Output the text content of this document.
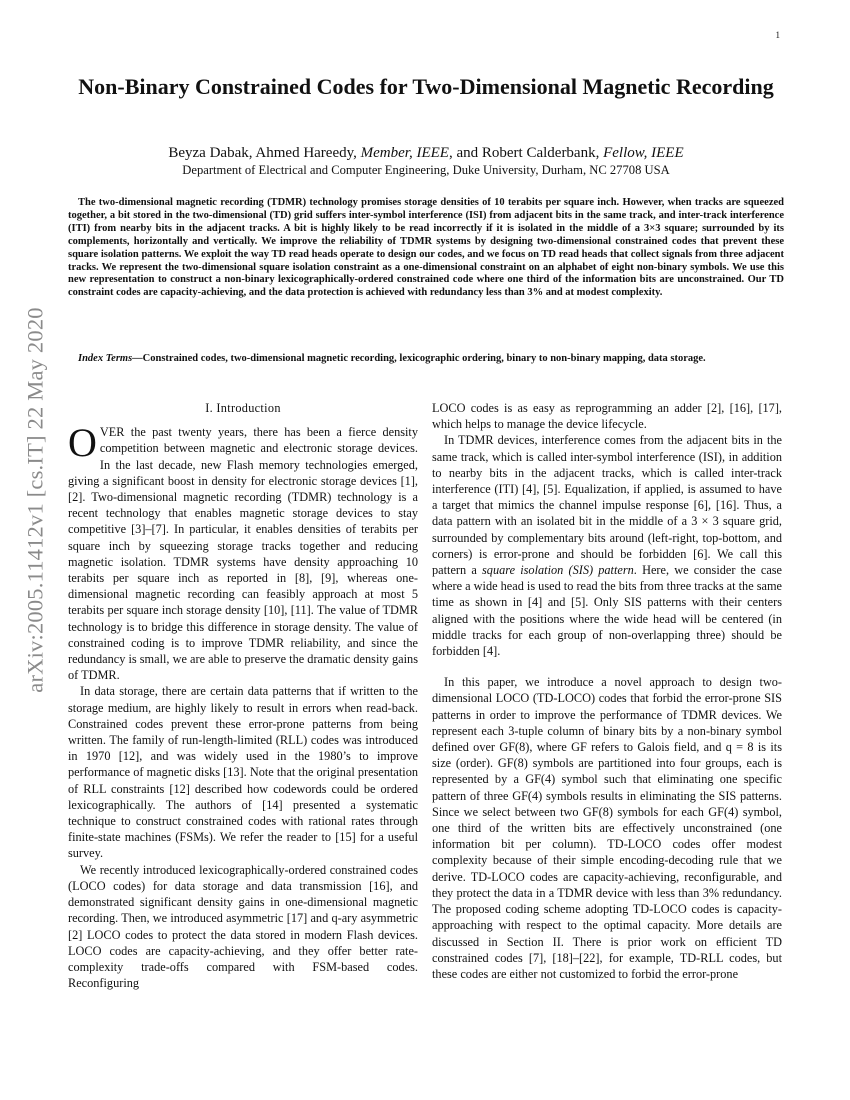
1
arXiv:2005.11412v1 [cs.IT] 22 May 2020
Non-Binary Constrained Codes for Two-Dimensional Magnetic Recording
Beyza Dabak, Ahmed Hareedy, Member, IEEE, and Robert Calderbank, Fellow, IEEE
Department of Electrical and Computer Engineering, Duke University, Durham, NC 27708 USA
The two-dimensional magnetic recording (TDMR) technology promises storage densities of 10 terabits per square inch. However, when tracks are squeezed together, a bit stored in the two-dimensional (TD) grid suffers inter-symbol interference (ISI) from adjacent bits in the same track, and inter-track interference (ITI) from nearby bits in the adjacent tracks. A bit is highly likely to be read incorrectly if it is isolated in the middle of a 3×3 square; surrounded by its complements, horizontally and vertically. We improve the reliability of TDMR systems by designing two-dimensional constrained codes that prevent these square isolation patterns. We exploit the way TD read heads operate to design our codes, and we focus on TD read heads that collect signals from three adjacent tracks. We represent the two-dimensional square isolation constraint as a one-dimensional constraint on an alphabet of eight non-binary symbols. We use this new representation to construct a non-binary lexicographically-ordered constrained code where one third of the information bits are unconstrained. Our TD constraint codes are capacity-achieving, and the data protection is achieved with redundancy less than 3% and at modest complexity.
Index Terms—Constrained codes, two-dimensional magnetic recording, lexicographic ordering, binary to non-binary mapping, data storage.
I. Introduction

OVER the past twenty years, there has been a fierce density competition between magnetic and electronic storage devices. In the last decade, new Flash memory technologies emerged, giving a significant boost in density for electronic storage devices [1], [2]. Two-dimensional magnetic recording (TDMR) technology is a recent technology that enables magnetic storage devices to stay competitive [3]–[7]. In particular, it enables densities of terabits per square inch by squeezing storage tracks together and reducing magnetic isolation. TDMR systems have density approaching 10 terabits per square inch as reported in [8], [9], whereas one-dimensional magnetic recording can feasibly approach at most 5 terabits per square inch storage density [10], [11]. The value of TDMR technology is to bridge this difference in storage density. The value of constrained coding is to improve TDMR reliability, and since the redundancy is small, we are able to preserve the dramatic density gains of TDMR.

In data storage, there are certain data patterns that if written to the storage medium, are highly likely to result in errors when read-back. Constrained codes prevent these error-prone patterns from being written. The family of run-length-limited (RLL) codes was introduced in 1970 [12], and was widely used in the 1980’s to improve performance of magnetic disks [13]. Note that the original presentation of RLL constraints [12] described how codewords could be ordered lexicographically. The authors of [14] presented a systematic technique to construct constrained codes with rational rates through finite-state machines (FSMs). We refer the reader to [15] for a useful survey.

We recently introduced lexicographically-ordered constrained codes (LOCO codes) for data storage and data transmission [16], and demonstrated significant density gains in one-dimensional magnetic recording. Then, we introduced asymmetric [17] and q-ary asymmetric [2] LOCO codes to protect the data stored in modern Flash devices. LOCO codes are capacity-achieving, and they offer better rate-complexity trade-offs compared with FSM-based codes. Reconfiguring

LOCO codes is as easy as reprogramming an adder [2], [16], [17], which helps to manage the device lifecycle.

In TDMR devices, interference comes from the adjacent bits in the same track, which is called inter-symbol interference (ISI), in addition to nearby bits in the adjacent tracks, which is called inter-track interference (ITI) [4], [5]. Equalization, if applied, is assumed to have a target that mimics the channel impulse response [6], [16]. Thus, a data pattern with an isolated bit in the middle of a 3 × 3 square grid, surrounded by complementary bits around (left-right, top-bottom, and corners) is error-prone and should be forbidden [6]. We call this pattern a square isolation (SIS) pattern. Here, we consider the case where a wide head is used to read the bits from three tracks at the same time as shown in [4] and [5]. Only SIS patterns with their centers aligned with the positions where the wide head will be centered (in middle tracks for each group of non-overlapping three) should be forbidden [4].

In this paper, we introduce a novel approach to design two-dimensional LOCO (TD-LOCO) codes that forbid the error-prone SIS patterns in order to improve the performance of TDMR devices. We represent each 3-tuple column of binary bits by a non-binary symbol defined over GF(8), where GF refers to Galois field, and q = 8 is its size (order). GF(8) symbols are partitioned into four groups, each is represented by a GF(4) symbol such that eliminating one specific pattern of three GF(4) symbols results in eliminating the SIS patterns. Since we select between two GF(8) symbols for each GF(4) symbol, one third of the written bits are effectively unconstrained (one information bit per column). TD-LOCO codes offer modest complexity because of their simple encoding-decoding rule that we derive. TD-LOCO codes are capacity-achieving, reconfigurable, and they protect the data in a TDMR device with less than 3% redundancy. The proposed coding scheme adopting TD-LOCO codes is capacity-approaching with respect to the optimal capacity. More details are discussed in Section II. There is prior work on efficient TD constrained codes [7], [18]–[22], for example, TD-RLL codes, but these codes are either not customized to forbid the error-prone
